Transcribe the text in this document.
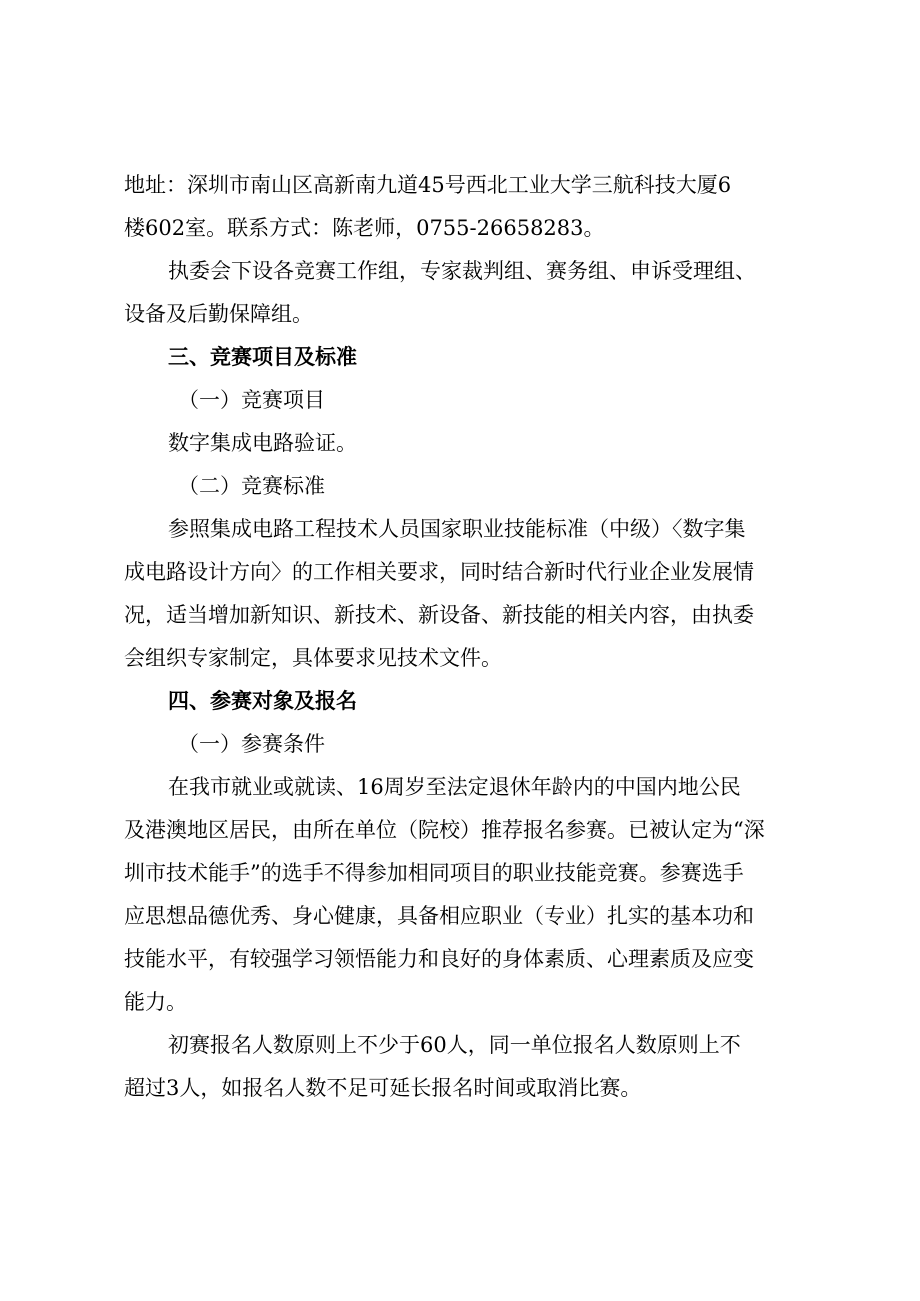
地址：深圳市南山区高新南九道45号西北工业大学三航科技大厦6
楼602室。联系方式：陈老师，0755-26658283。
执委会下设各竞赛工作组，专家裁判组、赛务组、申诉受理组、
设备及后勤保障组。
三、竞赛项目及标准
（一）竞赛项目
数字集成电路验证。
（二）竞赛标准
参照集成电路工程技术人员国家职业技能标准（中级）〈数字集
成电路设计方向〉的工作相关要求，同时结合新时代行业企业发展情
况，适当增加新知识、新技术、新设备、新技能的相关内容，由执委
会组织专家制定，具体要求见技术文件。
四、参赛对象及报名
（一）参赛条件
在我市就业或就读、16周岁至法定退休年龄内的中国内地公民
及港澳地区居民，由所在单位（院校）推荐报名参赛。已被认定为“深
圳市技术能手”的选手不得参加相同项目的职业技能竞赛。参赛选手
应思想品德优秀、身心健康，具备相应职业（专业）扎实的基本功和
技能水平，有较强学习领悟能力和良好的身体素质、心理素质及应变
能力。
初赛报名人数原则上不少于60人，同一单位报名人数原则上不
超过3人，如报名人数不足可延长报名时间或取消比赛。
